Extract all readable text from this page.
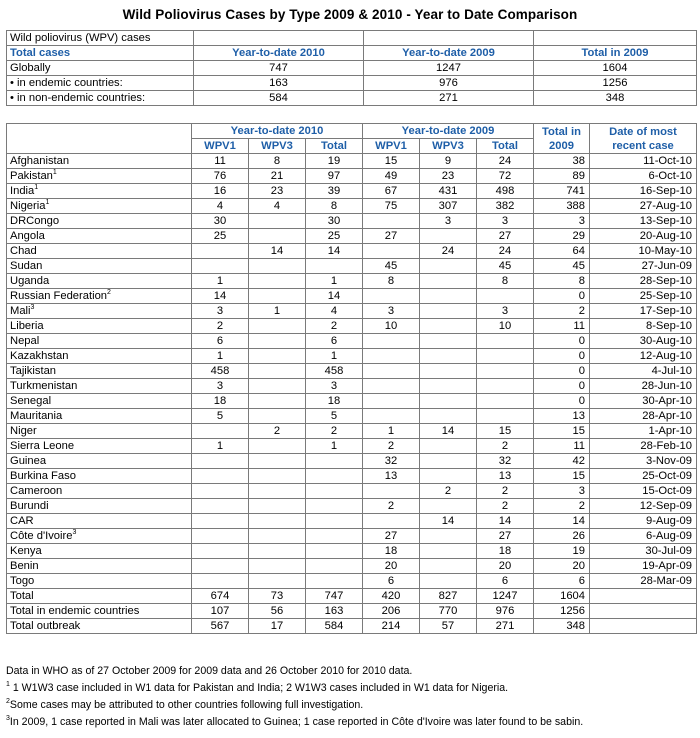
Wild Poliovirus Cases by Type 2009 & 2010 - Year to Date Comparison
Wild poliovirus (WPV) cases			
Total cases	Year-to-date 2010	Year-to-date 2009	Total in 2009
Globally	747	1247	1604
• in endemic countries:	163	976	1256
• in non-endemic countries:	584	271	348
	Year-to-date 2010			Year-to-date 2009			Total in 2009	Date of most recent case
	WPV1	WPV3	Total	WPV1	WPV3	Total		
Afghanistan	11	8	19	15	9	24	38	11-Oct-10
Pakistan$^1$	76	21	97	49	23	72	89	6-Oct-10
India$^1$	16	23	39	67	431	498	741	16-Sep-10
Nigeria$^1$	4	4	8	75	307	382	388	27-Aug-10
DRCongo	30		30		3	3	3	13-Sep-10
Angola	25		25	27		27	29	20-Aug-10
Chad		14	14		24	24	64	10-May-10
Sudan				45		45	45	27-Jun-09
Uganda	1		1	8		8	8	28-Sep-10
Russian Federation$^2$	14		14				0	25-Sep-10
Mali$^3$	3	1	4	3		3	2	17-Sep-10
Liberia	2		2	10		10	11	8-Sep-10
Nepal	6		6				0	30-Aug-10
Kazakhstan	1		1				0	12-Aug-10
Tajikistan	458		458				0	4-Jul-10
Turkmenistan	3		3				0	28-Jun-10
Senegal	18		18				0	30-Apr-10
Mauritania	5		5				13	28-Apr-10
Niger		2	2	1	14	15	15	1-Apr-10
Sierra Leone	1		1	2		2	11	28-Feb-10
Guinea				32		32	42	3-Nov-09
Burkina Faso				13		13	15	25-Oct-09
Cameroon					2	2	3	15-Oct-09
Burundi				2		2	2	12-Sep-09
CAR					14	14	14	9-Aug-09
Côte d'Ivoire$^3$				27		27	26	6-Aug-09
Kenya				18		18	19	30-Jul-09
Benin				20		20	20	19-Apr-09
Togo				6		6	6	28-Mar-09
Total	674	73	747	420	827	1247	1604	
Total in endemic countries	107	56	163	206	770	976	1256	
Total outbreak	567	17	584	214	57	271	348	
Data in WHO as of 27 October 2009 for 2009 data and 26 October 2010 for 2010 data.
$^1$ 1 W1W3 case included in W1 data for Pakistan and India; 2 W1W3 cases included in W1 data for Nigeria.
$^2$Some cases may be attributed to other countries following full investigation.
$^3$In 2009, 1 case reported in Mali was later allocated to Guinea; 1 case reported in Côte d'Ivoire was later found to be sabin.
